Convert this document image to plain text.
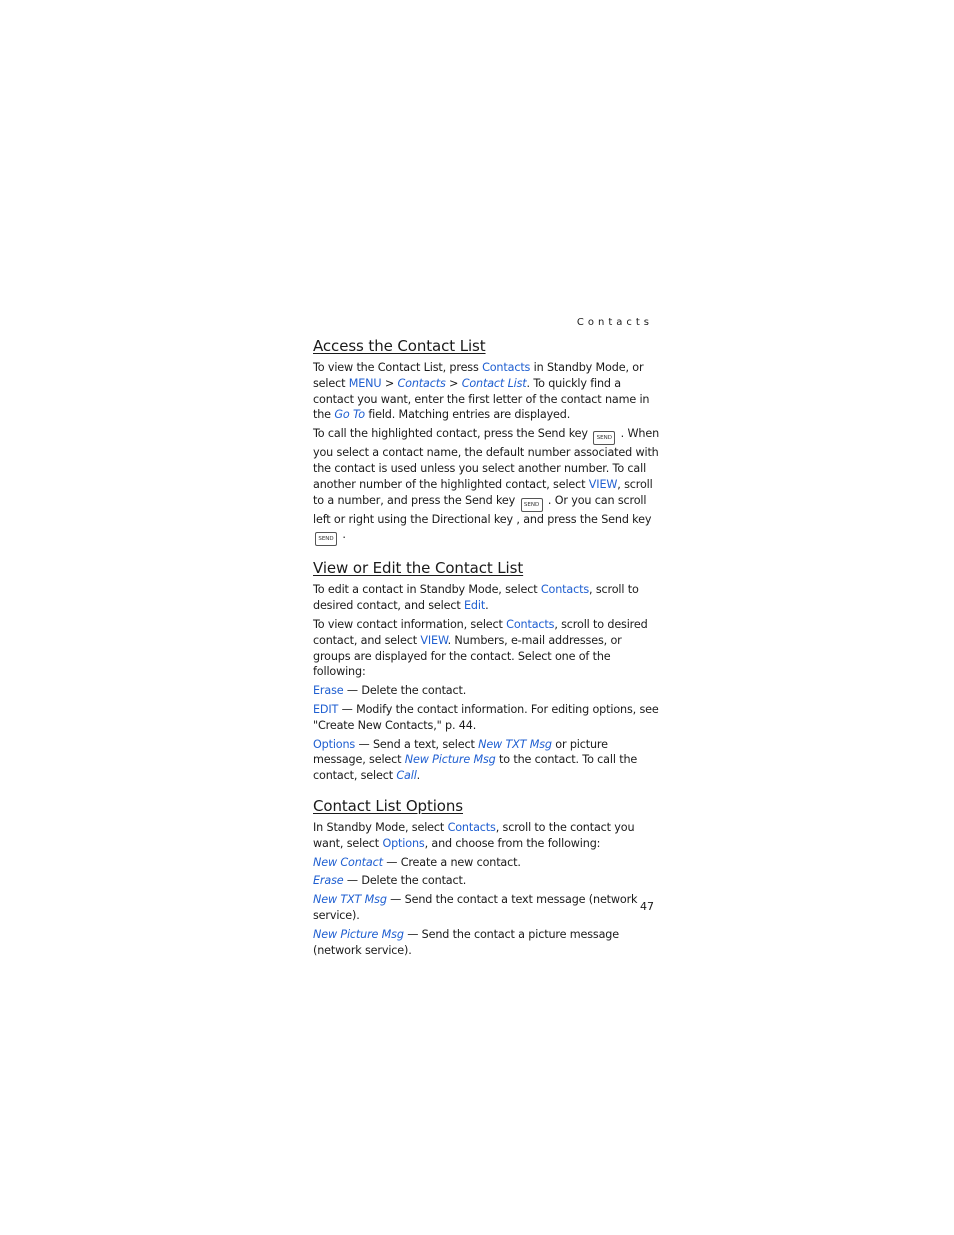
Contacts
Access the Contact List

To view the Contact List, press Contacts in Standby Mode, or select MENU > Contacts > Contact List. To quickly find a contact you want, enter the first letter of the contact name in the Go To field. Matching entries are displayed.

To call the highlighted contact, press the Send key SEND . When you select a contact name, the default number associated with the contact is used unless you select another number. To call another number of the highlighted contact, select VIEW, scroll to a number, and press the Send key SEND . Or you can scroll left or right using the Directional key , and press the Send key SEND .

View or Edit the Contact List

To edit a contact in Standby Mode, select Contacts, scroll to desired contact, and select Edit.

To view contact information, select Contacts, scroll to desired contact, and select VIEW. Numbers, e-mail addresses, or groups are displayed for the contact. Select one of the following:

Erase — Delete the contact.

EDIT — Modify the contact information. For editing options, see "Create New Contacts," p. 44.

Options — Send a text, select New TXT Msg or picture message, select New Picture Msg to the contact. To call the contact, select Call.

Contact List Options

In Standby Mode, select Contacts, scroll to the contact you want, select Options, and choose from the following:

New Contact — Create a new contact.

Erase — Delete the contact.

New TXT Msg — Send the contact a text message (network service).

New Picture Msg — Send the contact a picture message (network service).

47
